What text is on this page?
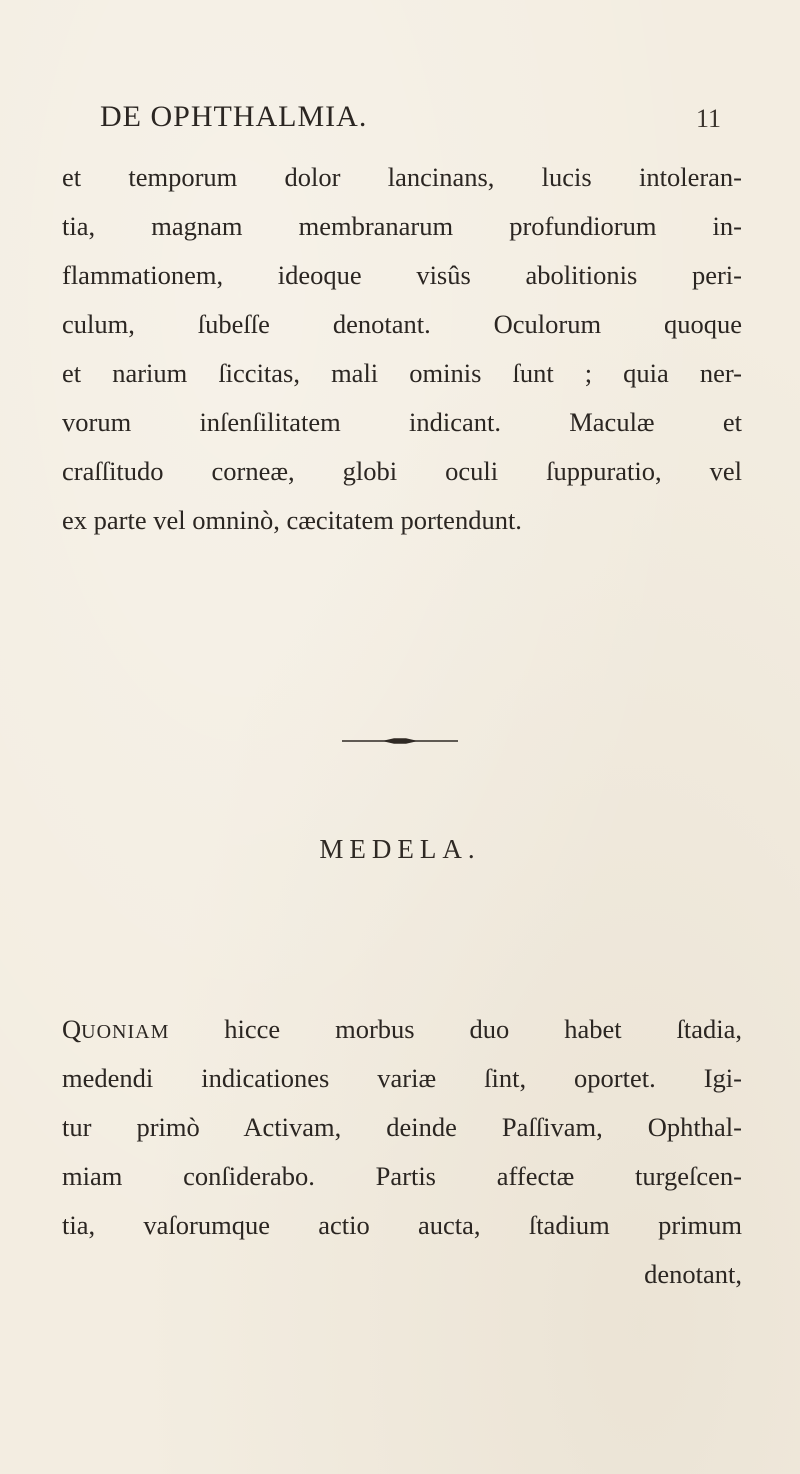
DE OPHTHALMIA.	11
et temporum dolor lancinans, lucis intoleran-
tia, magnam membranarum profundiorum in-
flammationem, ideoque visûs abolitionis peri-
culum, ſubeſſe denotant. Oculorum quoque
et narium ſiccitas, mali ominis ſunt ; quia ner-
vorum inſenſilitatem indicant. Maculæ et
craſſitudo corneæ, globi oculi ſuppuratio, vel
ex parte vel omninò, cæcitatem portendunt.
MEDELA.
QUONIAM hicce morbus duo habet ſtadia,
medendi indicationes variæ ſint, oportet. Igi-
tur primò Activam, deinde Paſſivam, Ophthal-
miam conſiderabo. Partis affectæ turgeſcen-
tia, vaſorumque actio aucta, ſtadium primum
denotant,
